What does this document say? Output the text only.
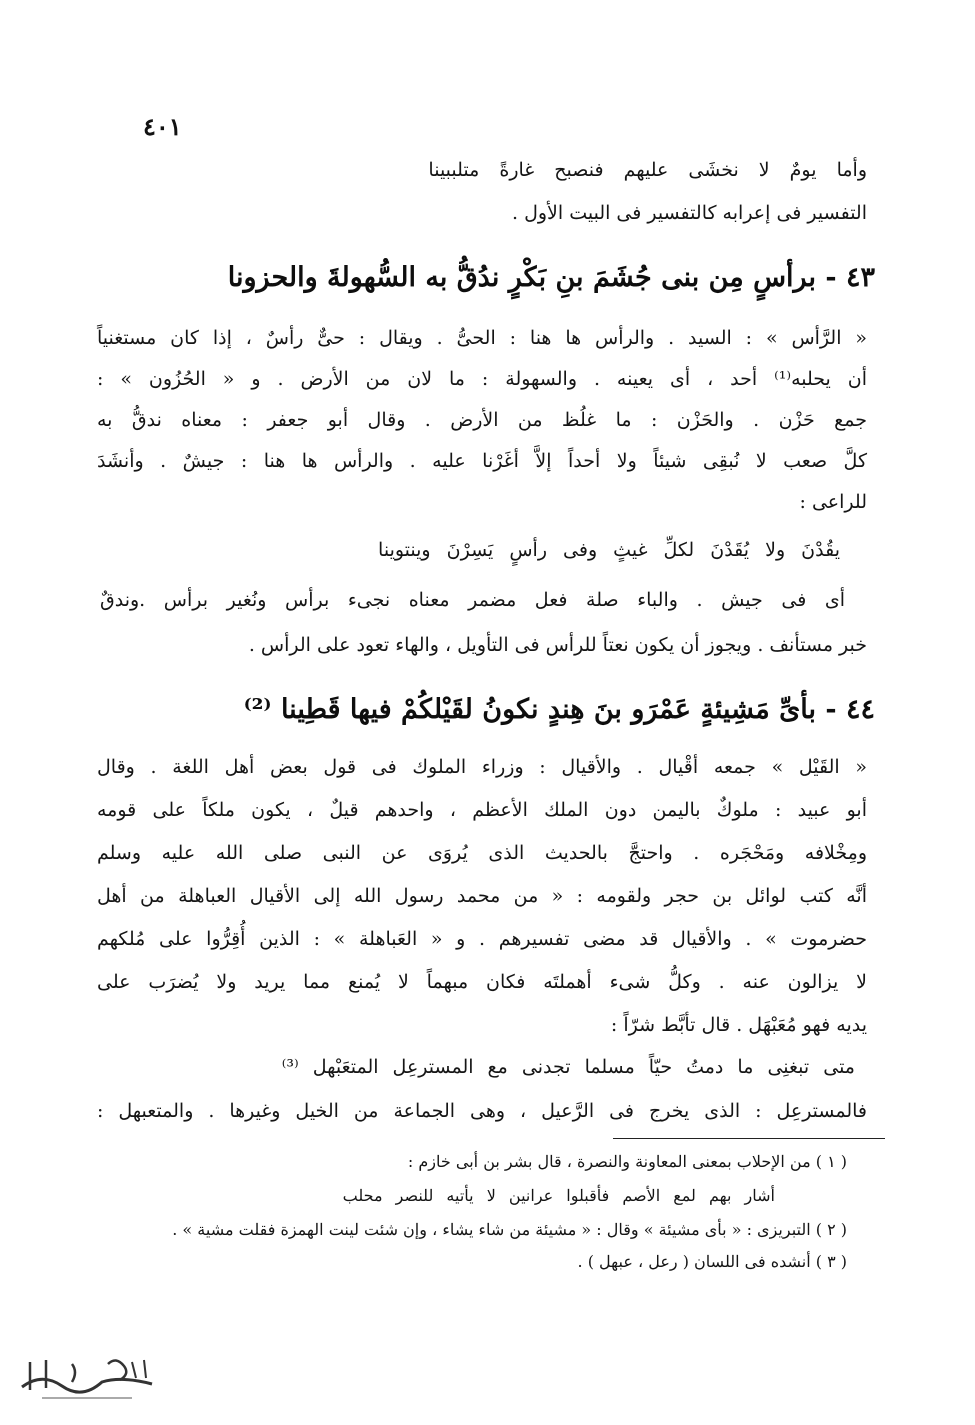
٤٠١
وأما يومٌ لا نخشَى عليهم فنصبح غارةً متلببينا
التفسير فى إعرابه كالتفسير فى البيت الأول .
٤٣ - برأسٍ مِن بنى جُشَمَ بنِ بَكْرٍ ندُقُّ به السُّهولةَ والحزونا
« الرَّأس » : السيد . والرأس ها هنا : الحىُّ . ويقال : حىٌّ رأسٌ ، إذا كان مستغنياً
أن يحلبه⁽¹⁾ أحد ، أى يعينه . والسهولة : ما لان من الأرض . و « الحُزُون » :
جمع حَزْن . والحَزْن : ما غلُظ من الأرض . وقال أبو جعفر : معناه ندقُّ به
كلَّ صعب لا نُبقِى شيئاً ولا أحداً إلاَّ أغَرْنا عليه . والرأس ها هنا : جيشٌ . وأنشَدَ
للراعى :
يقُدْنَ ولا يُقَدْنَ لكلِّ غيثٍ وفى رأسٍ يَسِرْنَ وينتوينا
أى فى جيش . والباء صلة فعل مضمر معناه نجىء برأس ونُغير برأس .وندقٌ
خبر مستأنف . ويجوز أن يكون نعتاً للرأس فى التأويل ، والهاء تعود على الرأس .
٤٤ - بأىِّ مَشِيئةٍ عَمْرَو بنَ هِندٍ نكونُ لقَيْلكُمْ فيها قَطِينا ⁽²⁾
« القَيْل » جمعه أقْيال . والأقيال : وزراء الملوك فى قول بعض أهل اللغة . وقال
أبو عبيد : ملوكٌ باليمن دون الملك الأعظم ، واحدهم قيلٌ ، يكون ملكاً على قومه
ومِخْلافه ومَحْجَره . واحتجَّ بالحديث الذى يُروَى عن النبى صلى الله عليه وسلم
أنَّه كتب لوائل بن حجر ولقومه : « من محمد رسول الله إلى الأقيال العباهلة من أهل
حضرموت » . والأقيال قد مضى تفسيرهم . و « العَباهلة » : الذين أُقِرُّوا على مُلكهم
لا يزالون عنه . وكلُّ شىء أهملتَه فكان مبهماً لا يُمنع مما يريد ولا يُضرَب على
يديه فهو مُعَبْهَل . قال تأبَّط شرّاً :
متى تبغنِى ما دمتُ حيّاً مسلما تجدنى مع المسترعِل المتعَبْهل ⁽³⁾
فالمسترعِل : الذى يخرج فى الرَّعيل ، وهى الجماعة من الخيل وغيرها . والمتعبهل :
( ١ ) من الإحلاب بمعنى المعاونة والنصرة ، قال بشر بن أبى خازم :
أشار بهم لمع الأصم فأقبلوا عرانين لا يأتيه للنصر محلب
( ٢ ) التبريزى : « بأى مشيئة » وقال : « مشيئة من شاء يشاء ، وإن شئت لينت الهمزة فقلت مشية » .
( ٣ ) أنشده فى اللسان ( رعل ، عبهل ) .
